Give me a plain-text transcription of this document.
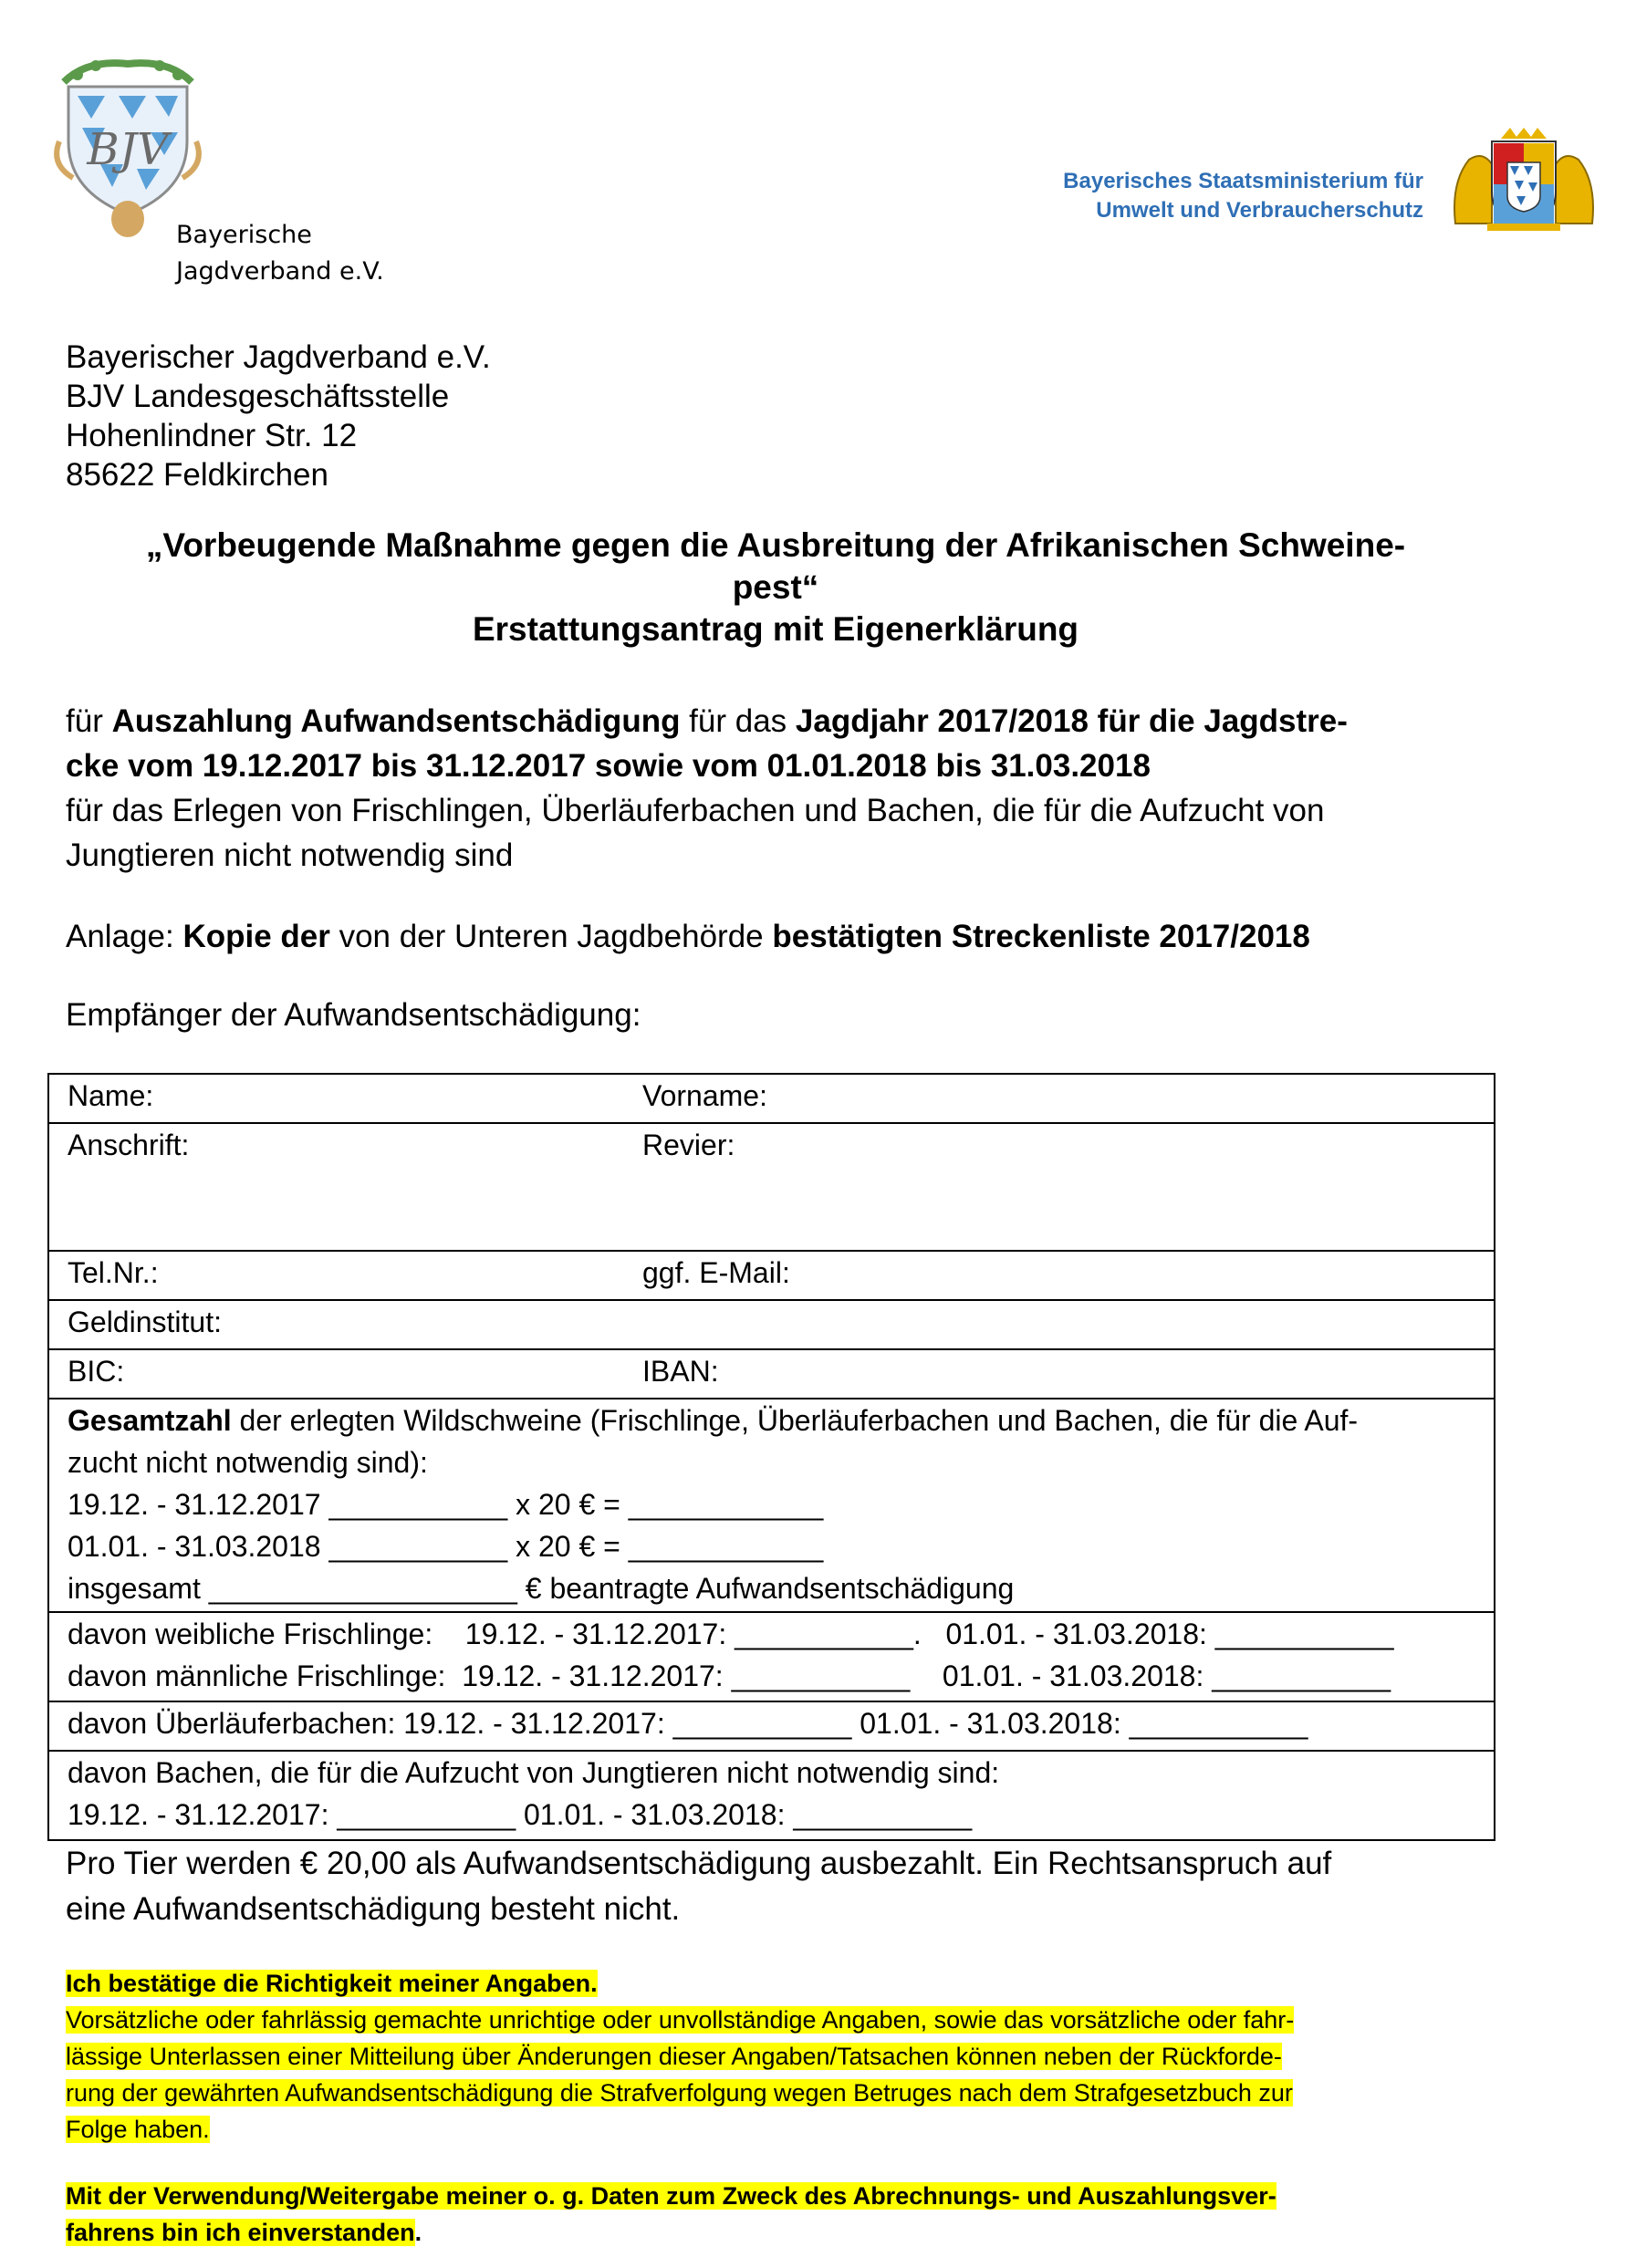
BJV
Bayerische
Jagdverband e.V.
Bayerisches Staatsministerium für
Umwelt und Verbraucherschutz
Bayerischer Jagdverband e.V.
BJV Landesgeschäftsstelle
Hohenlindner Str. 12
85622 Feldkirchen
„Vorbeugende Maßnahme gegen die Ausbreitung der Afrikanischen Schweine-
pest“
Erstattungsantrag mit Eigenerklärung
für Auszahlung Aufwandsentschädigung für das Jagdjahr 2017/2018 für die Jagdstre-
cke vom 19.12.2017 bis 31.12.2017 sowie vom 01.01.2018 bis 31.03.2018
für das Erlegen von Frischlingen, Überläuferbachen und Bachen, die für die Aufzucht von
Jungtieren nicht notwendig sind
Anlage: Kopie der von der Unteren Jagdbehörde bestätigten Streckenliste 2017/2018
Empfänger der Aufwandsentschädigung:
Name:	Vorname:

Anschrift:	Revier:

Tel.Nr.:	ggf. E-Mail:

Geldinstitut:

BIC:	IBAN:

Gesamtzahl der erlegten Wildschweine (Frischlinge, Überläuferbachen und Bachen, die für die Auf-
zucht nicht notwendig sind):
19.12. - 31.12.2017 ___________ x 20 € = ____________
01.01. - 31.03.2018 ___________ x 20 € = ____________
insgesamt ___________________ € beantragte Aufwandsentschädigung

davon weibliche Frischlinge:    19.12. - 31.12.2017: ___________.   01.01. - 31.03.2018: ___________
davon männliche Frischlinge:  19.12. - 31.12.2017: ___________    01.01. - 31.03.2018: ___________

davon Überläuferbachen: 19.12. - 31.12.2017: ___________ 01.01. - 31.03.2018: ___________

davon Bachen, die für die Aufzucht von Jungtieren nicht notwendig sind:
19.12. - 31.12.2017: ___________ 01.01. - 31.03.2018: ___________
Pro Tier werden € 20,00 als Aufwandsentschädigung ausbezahlt. Ein Rechtsanspruch auf
eine Aufwandsentschädigung besteht nicht.
Ich bestätige die Richtigkeit meiner Angaben.
Vorsätzliche oder fahrlässig gemachte unrichtige oder unvollständige Angaben, sowie das vorsätzliche oder fahr-
lässige Unterlassen einer Mitteilung über Änderungen dieser Angaben/Tatsachen können neben der Rückforde-
rung der gewährten Aufwandsentschädigung die Strafverfolgung wegen Betruges nach dem Strafgesetzbuch zur
Folge haben.
Mit der Verwendung/Weitergabe meiner o. g. Daten zum Zweck des Abrechnungs- und Auszahlungsver-
fahrens bin ich einverstanden.
